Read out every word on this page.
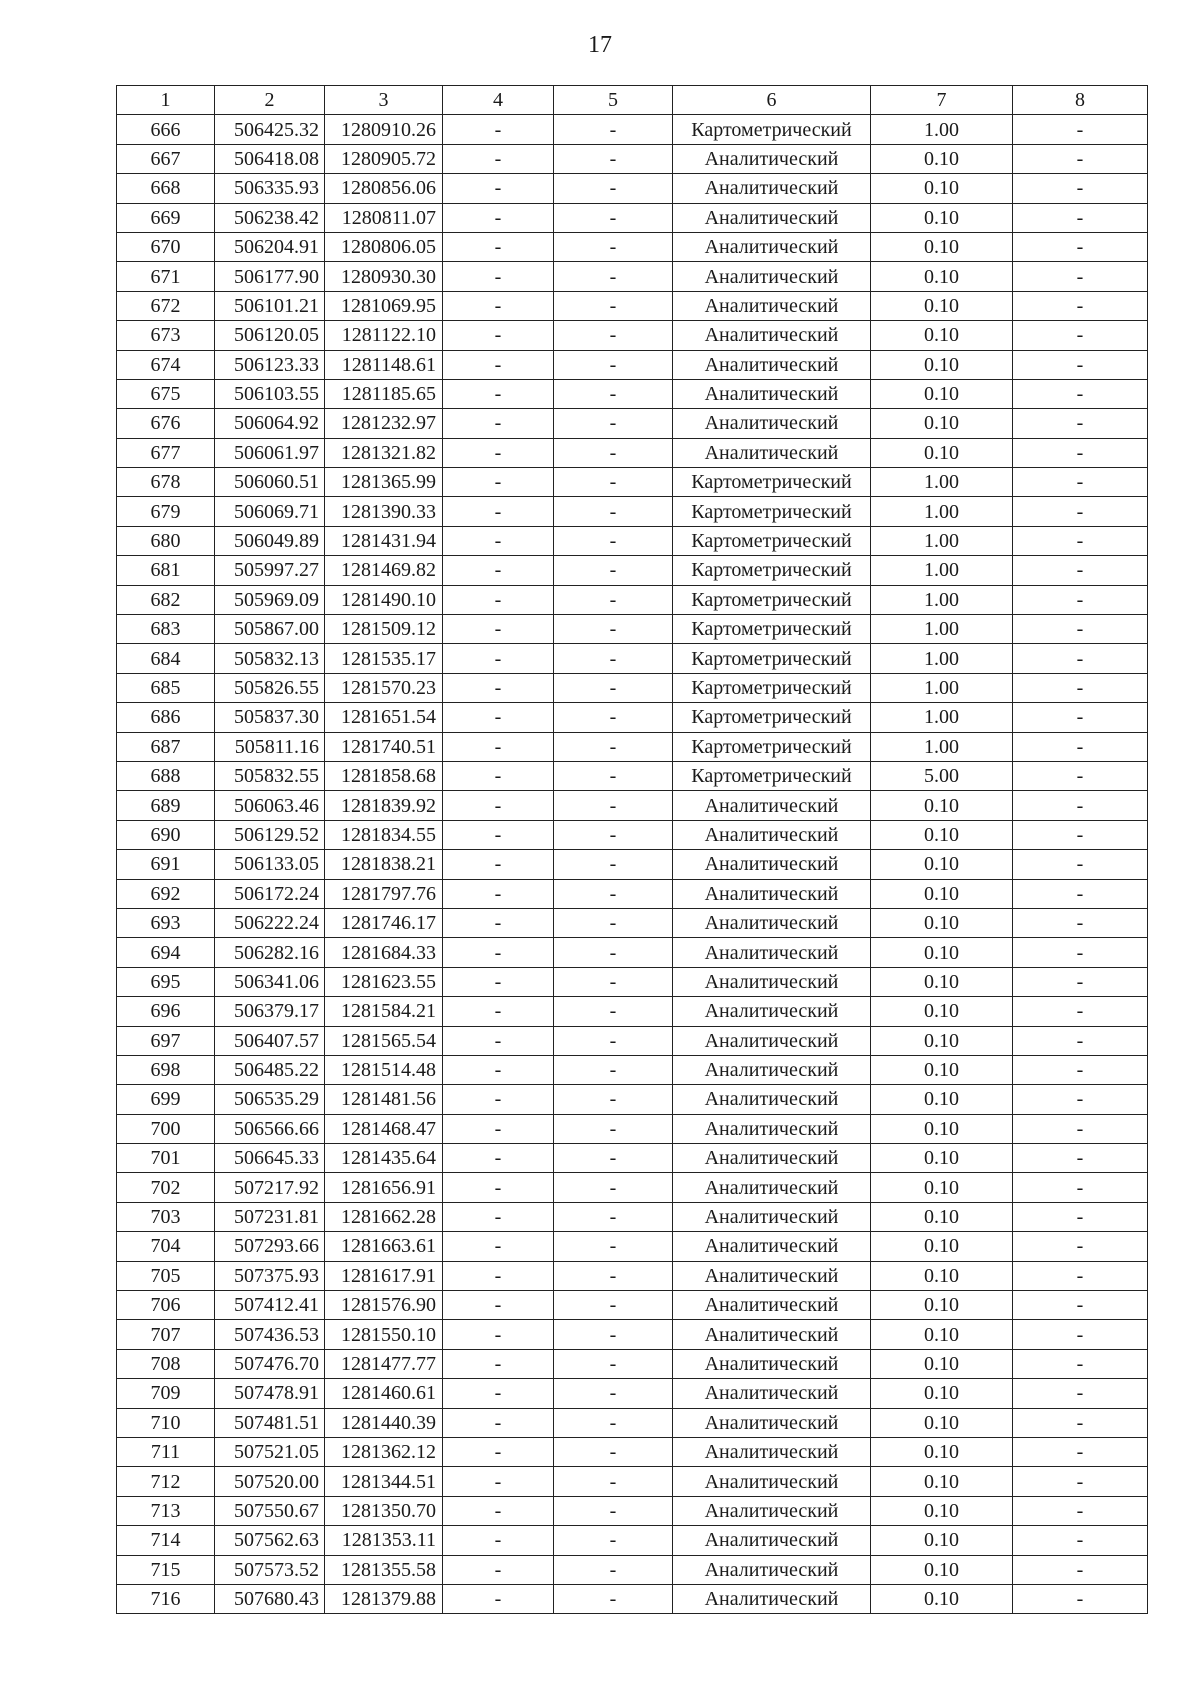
17
1	2	3	4	5	6	7	8
666	506425.32	1280910.26	-	-	Картометрический	1.00	-
667	506418.08	1280905.72	-	-	Аналитический	0.10	-
668	506335.93	1280856.06	-	-	Аналитический	0.10	-
669	506238.42	1280811.07	-	-	Аналитический	0.10	-
670	506204.91	1280806.05	-	-	Аналитический	0.10	-
671	506177.90	1280930.30	-	-	Аналитический	0.10	-
672	506101.21	1281069.95	-	-	Аналитический	0.10	-
673	506120.05	1281122.10	-	-	Аналитический	0.10	-
674	506123.33	1281148.61	-	-	Аналитический	0.10	-
675	506103.55	1281185.65	-	-	Аналитический	0.10	-
676	506064.92	1281232.97	-	-	Аналитический	0.10	-
677	506061.97	1281321.82	-	-	Аналитический	0.10	-
678	506060.51	1281365.99	-	-	Картометрический	1.00	-
679	506069.71	1281390.33	-	-	Картометрический	1.00	-
680	506049.89	1281431.94	-	-	Картометрический	1.00	-
681	505997.27	1281469.82	-	-	Картометрический	1.00	-
682	505969.09	1281490.10	-	-	Картометрический	1.00	-
683	505867.00	1281509.12	-	-	Картометрический	1.00	-
684	505832.13	1281535.17	-	-	Картометрический	1.00	-
685	505826.55	1281570.23	-	-	Картометрический	1.00	-
686	505837.30	1281651.54	-	-	Картометрический	1.00	-
687	505811.16	1281740.51	-	-	Картометрический	1.00	-
688	505832.55	1281858.68	-	-	Картометрический	5.00	-
689	506063.46	1281839.92	-	-	Аналитический	0.10	-
690	506129.52	1281834.55	-	-	Аналитический	0.10	-
691	506133.05	1281838.21	-	-	Аналитический	0.10	-
692	506172.24	1281797.76	-	-	Аналитический	0.10	-
693	506222.24	1281746.17	-	-	Аналитический	0.10	-
694	506282.16	1281684.33	-	-	Аналитический	0.10	-
695	506341.06	1281623.55	-	-	Аналитический	0.10	-
696	506379.17	1281584.21	-	-	Аналитический	0.10	-
697	506407.57	1281565.54	-	-	Аналитический	0.10	-
698	506485.22	1281514.48	-	-	Аналитический	0.10	-
699	506535.29	1281481.56	-	-	Аналитический	0.10	-
700	506566.66	1281468.47	-	-	Аналитический	0.10	-
701	506645.33	1281435.64	-	-	Аналитический	0.10	-
702	507217.92	1281656.91	-	-	Аналитический	0.10	-
703	507231.81	1281662.28	-	-	Аналитический	0.10	-
704	507293.66	1281663.61	-	-	Аналитический	0.10	-
705	507375.93	1281617.91	-	-	Аналитический	0.10	-
706	507412.41	1281576.90	-	-	Аналитический	0.10	-
707	507436.53	1281550.10	-	-	Аналитический	0.10	-
708	507476.70	1281477.77	-	-	Аналитический	0.10	-
709	507478.91	1281460.61	-	-	Аналитический	0.10	-
710	507481.51	1281440.39	-	-	Аналитический	0.10	-
711	507521.05	1281362.12	-	-	Аналитический	0.10	-
712	507520.00	1281344.51	-	-	Аналитический	0.10	-
713	507550.67	1281350.70	-	-	Аналитический	0.10	-
714	507562.63	1281353.11	-	-	Аналитический	0.10	-
715	507573.52	1281355.58	-	-	Аналитический	0.10	-
716	507680.43	1281379.88	-	-	Аналитический	0.10	-
